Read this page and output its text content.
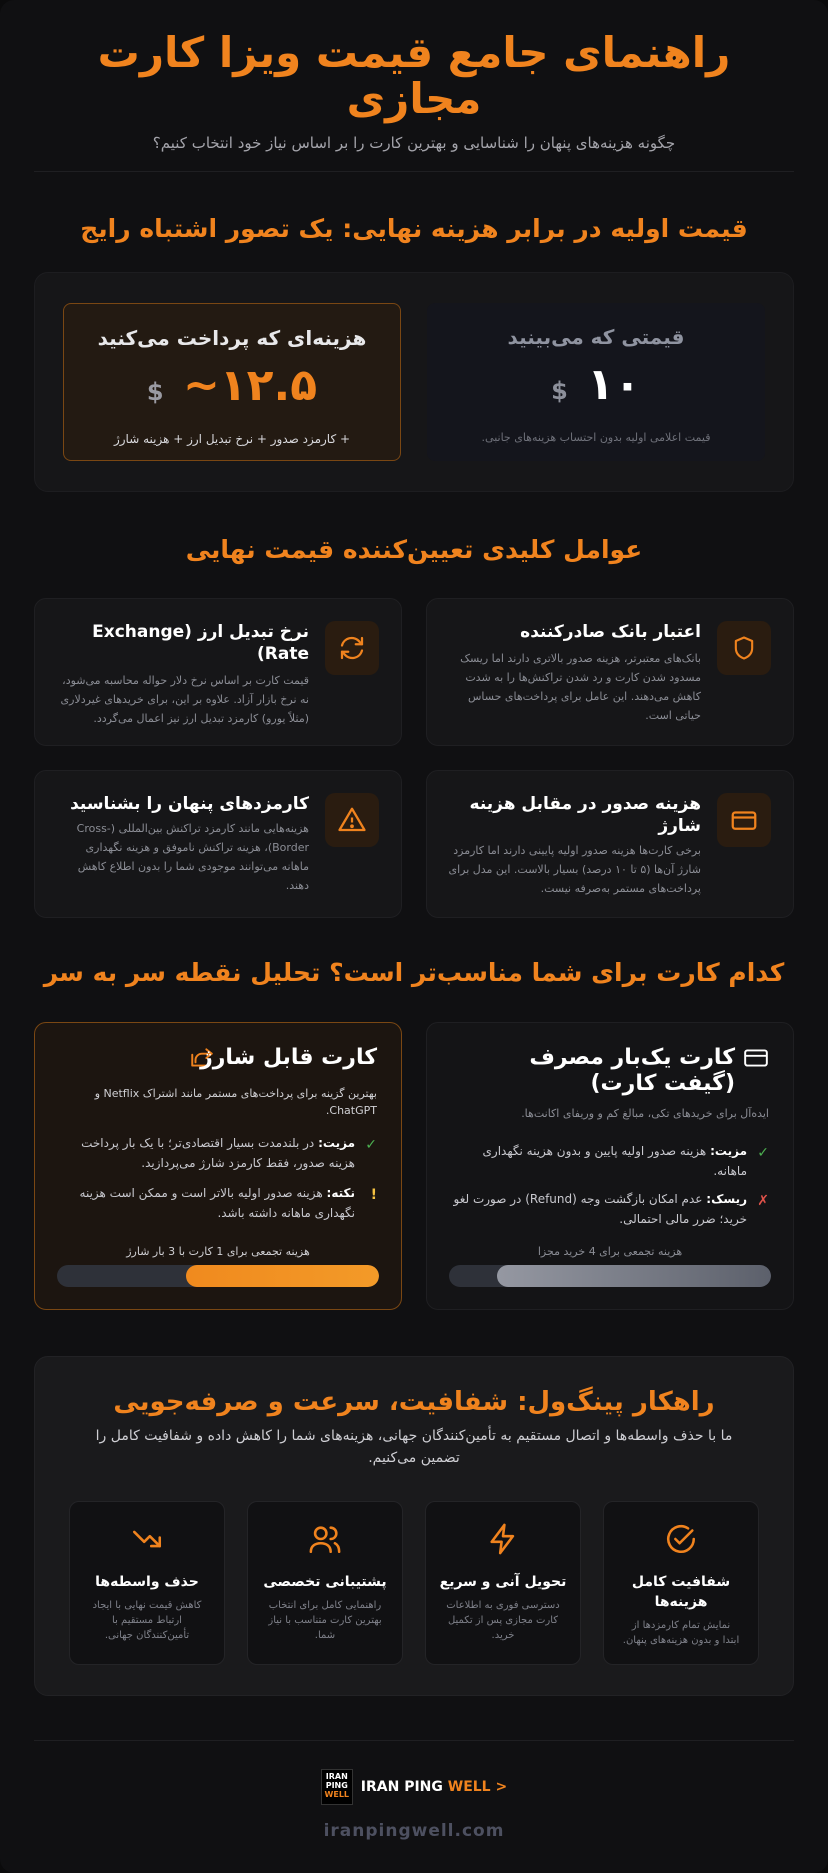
راهنمای جامع قیمت ویزا کارت مجازی

چگونه هزینه‌های پنهان را شناسایی و بهترین کارت را بر اساس نیاز خود انتخاب کنیم؟

قیمت اولیه در برابر هزینه نهایی: یک تصور اشتباه رایج
قیمتی که می‌بینید
$ ۱۰
قیمت اعلامی اولیه بدون احتساب هزینه‌های جانبی.
هزینه‌ای که پرداخت می‌کنید
$ ~۱۲.۵
+ کارمزد صدور + نرخ تبدیل ارز + هزینه شارژ
عوامل کلیدی تعیین‌کننده قیمت نهایی
اعتبار بانک صادرکننده

بانک‌های معتبرتر، هزینه صدور بالاتری دارند اما ریسک مسدود شدن کارت و رد شدن تراکنش‌ها را به شدت کاهش می‌دهند. این عامل برای پرداخت‌های حساس حیاتی است.

نرخ تبدیل ارز (Exchange Rate)

قیمت کارت بر اساس نرخ دلار حواله محاسبه می‌شود، نه نرخ بازار آزاد. علاوه بر این، برای خریدهای غیردلاری (مثلاً یورو) کارمزد تبدیل ارز نیز اعمال می‌گردد.

هزینه صدور در مقابل هزینه شارژ

برخی کارت‌ها هزینه صدور اولیه پایینی دارند اما کارمزد شارژ آن‌ها (۵ تا ۱۰ درصد) بسیار بالاست. این مدل برای پرداخت‌های مستمر به‌صرفه نیست.

کارمزدهای پنهان را بشناسید

هزینه‌هایی مانند کارمزد تراکنش بین‌المللی (Cross-Border)، هزینه تراکنش ناموفق و هزینه نگهداری ماهانه می‌توانند موجودی شما را بدون اطلاع کاهش دهند.

کدام کارت برای شما مناسب‌تر است؟ تحلیل نقطه سر به سر
کارت یک‌بار مصرف (گیفت کارت)
ایده‌آل برای خریدهای تکی، مبالغ کم و وریفای اکانت‌ها.
✓
مزیت: هزینه صدور اولیه پایین و بدون هزینه نگهداری ماهانه.
✗
ریسک: عدم امکان بازگشت وجه (Refund) در صورت لغو خرید؛ ضرر مالی احتمالی.
هزینه تجمعی برای 4 خرید مجزا
کارت قابل شارژ
بهترین گزینه برای پرداخت‌های مستمر مانند اشتراک Netflix و ChatGPT.
✓
مزیت: در بلندمدت بسیار اقتصادی‌تر؛ با یک بار پرداخت هزینه صدور، فقط کارمزد شارژ می‌پردازید.
!
نکته: هزینه صدور اولیه بالاتر است و ممکن است هزینه نگهداری ماهانه داشته باشد.
هزینه تجمعی برای 1 کارت با 3 بار شارژ
راهکار پینگ‌ول: شفافیت، سرعت و صرفه‌جویی
ما با حذف واسطه‌ها و اتصال مستقیم به تأمین‌کنندگان جهانی، هزینه‌های شما را کاهش داده و شفافیت کامل را تضمین می‌کنیم.
شفافیت کامل هزینه‌ها

نمایش تمام کارمزدها از ابتدا و بدون هزینه‌های پنهان.

تحویل آنی و سریع

دسترسی فوری به اطلاعات کارت مجازی پس از تکمیل خرید.

پشتیبانی تخصصی

راهنمایی کامل برای انتخاب بهترین کارت متناسب با نیاز شما.

حذف واسطه‌ها

کاهش قیمت نهایی با ایجاد ارتباط مستقیم با تأمین‌کنندگان جهانی.

IRAN
PING
WELL IRAN PING WELL >
iranpingwell.com
